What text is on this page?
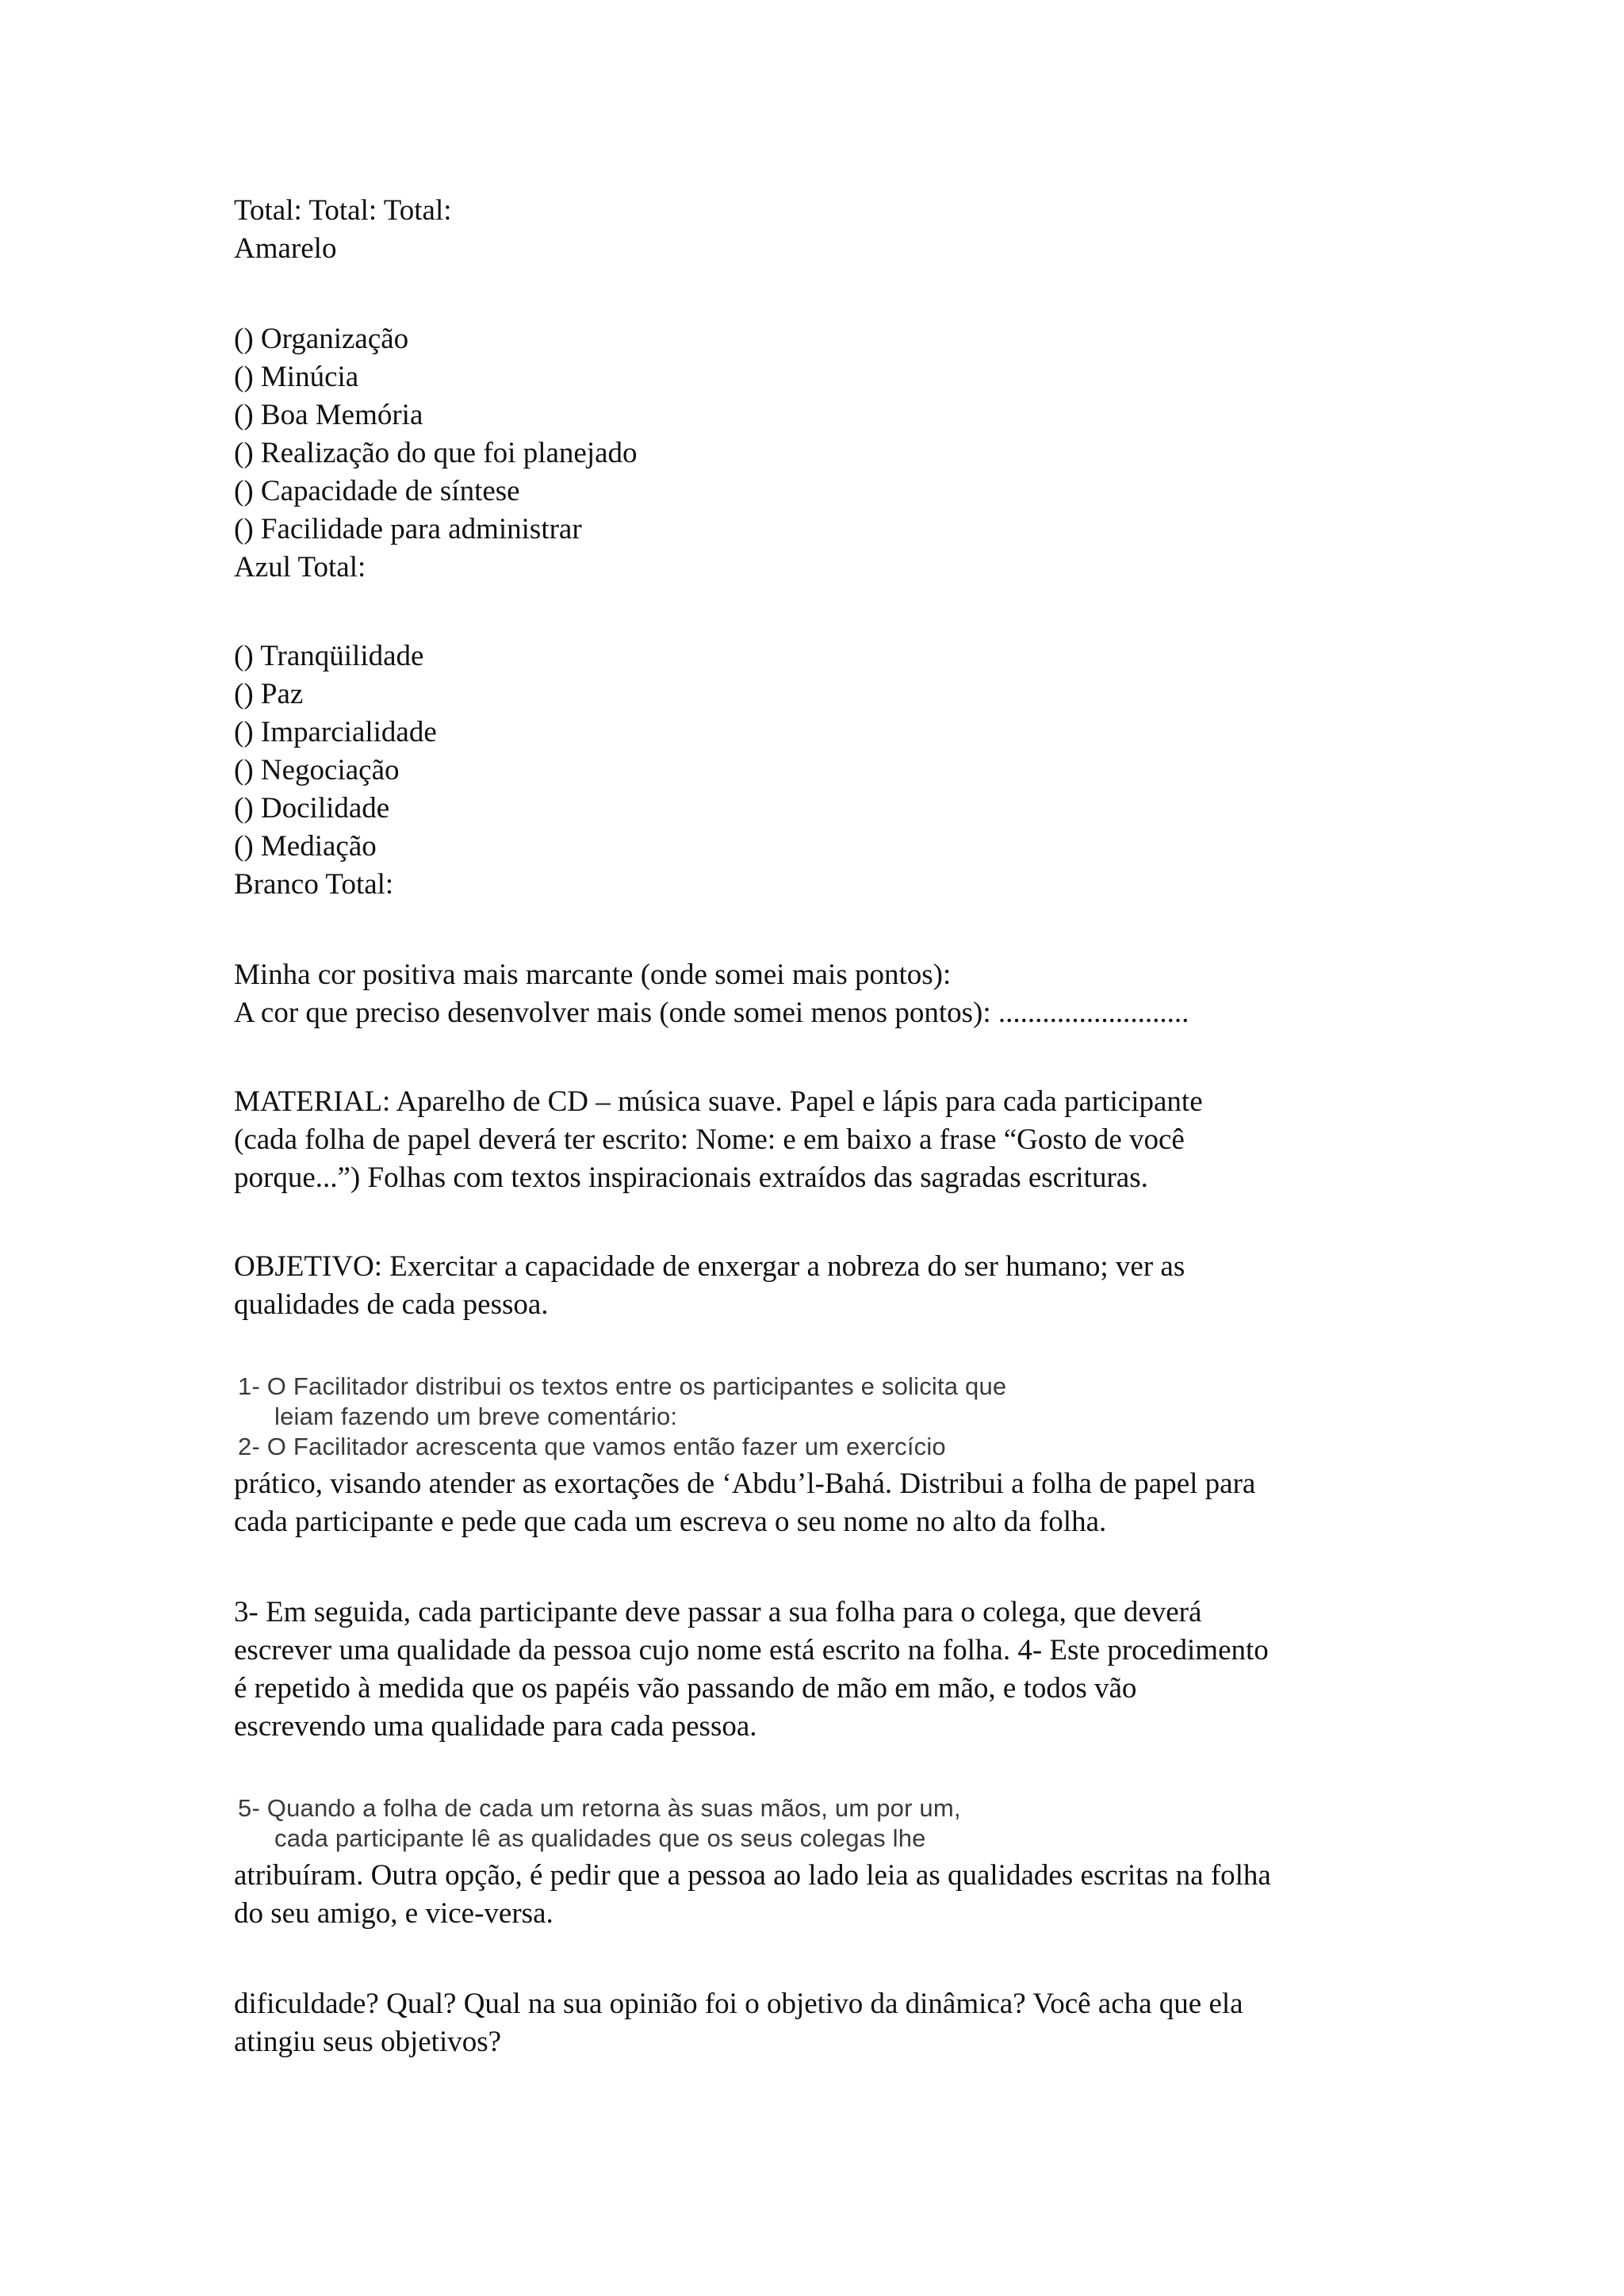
Total: Total: Total:
Amarelo
() Organização
() Minúcia
() Boa Memória
() Realização do que foi planejado
() Capacidade de síntese
() Facilidade para administrar
Azul Total:
() Tranqüilidade
() Paz
() Imparcialidade
() Negociação
() Docilidade
() Mediação
Branco Total:
Minha cor positiva mais marcante (onde somei mais pontos):
A cor que preciso desenvolver mais (onde somei menos pontos): ..........................
MATERIAL: Aparelho de CD – música suave. Papel e lápis para cada participante
(cada folha de papel deverá ter escrito: Nome: e em baixo a frase “Gosto de você
porque...”) Folhas com textos inspiracionais extraídos das sagradas escrituras.
OBJETIVO: Exercitar a capacidade de enxergar a nobreza do ser humano; ver as
qualidades de cada pessoa.
1- O Facilitador distribui os textos entre os participantes e solicita que
leiam fazendo um breve comentário:
2- O Facilitador acrescenta que vamos então fazer um exercício
prático, visando atender as exortações de ‘Abdu’l-Bahá. Distribui a folha de papel para
cada participante e pede que cada um escreva o seu nome no alto da folha.
3- Em seguida, cada participante deve passar a sua folha para o colega, que deverá
escrever uma qualidade da pessoa cujo nome está escrito na folha. 4- Este procedimento
é repetido à medida que os papéis vão passando de mão em mão, e todos vão
escrevendo uma qualidade para cada pessoa.
5- Quando a folha de cada um retorna às suas mãos, um por um,
cada participante lê as qualidades que os seus colegas lhe
atribuíram. Outra opção, é pedir que a pessoa ao lado leia as qualidades escritas na folha
do seu amigo, e vice-versa.
dificuldade? Qual? Qual na sua opinião foi o objetivo da dinâmica? Você acha que ela
atingiu seus objetivos?
